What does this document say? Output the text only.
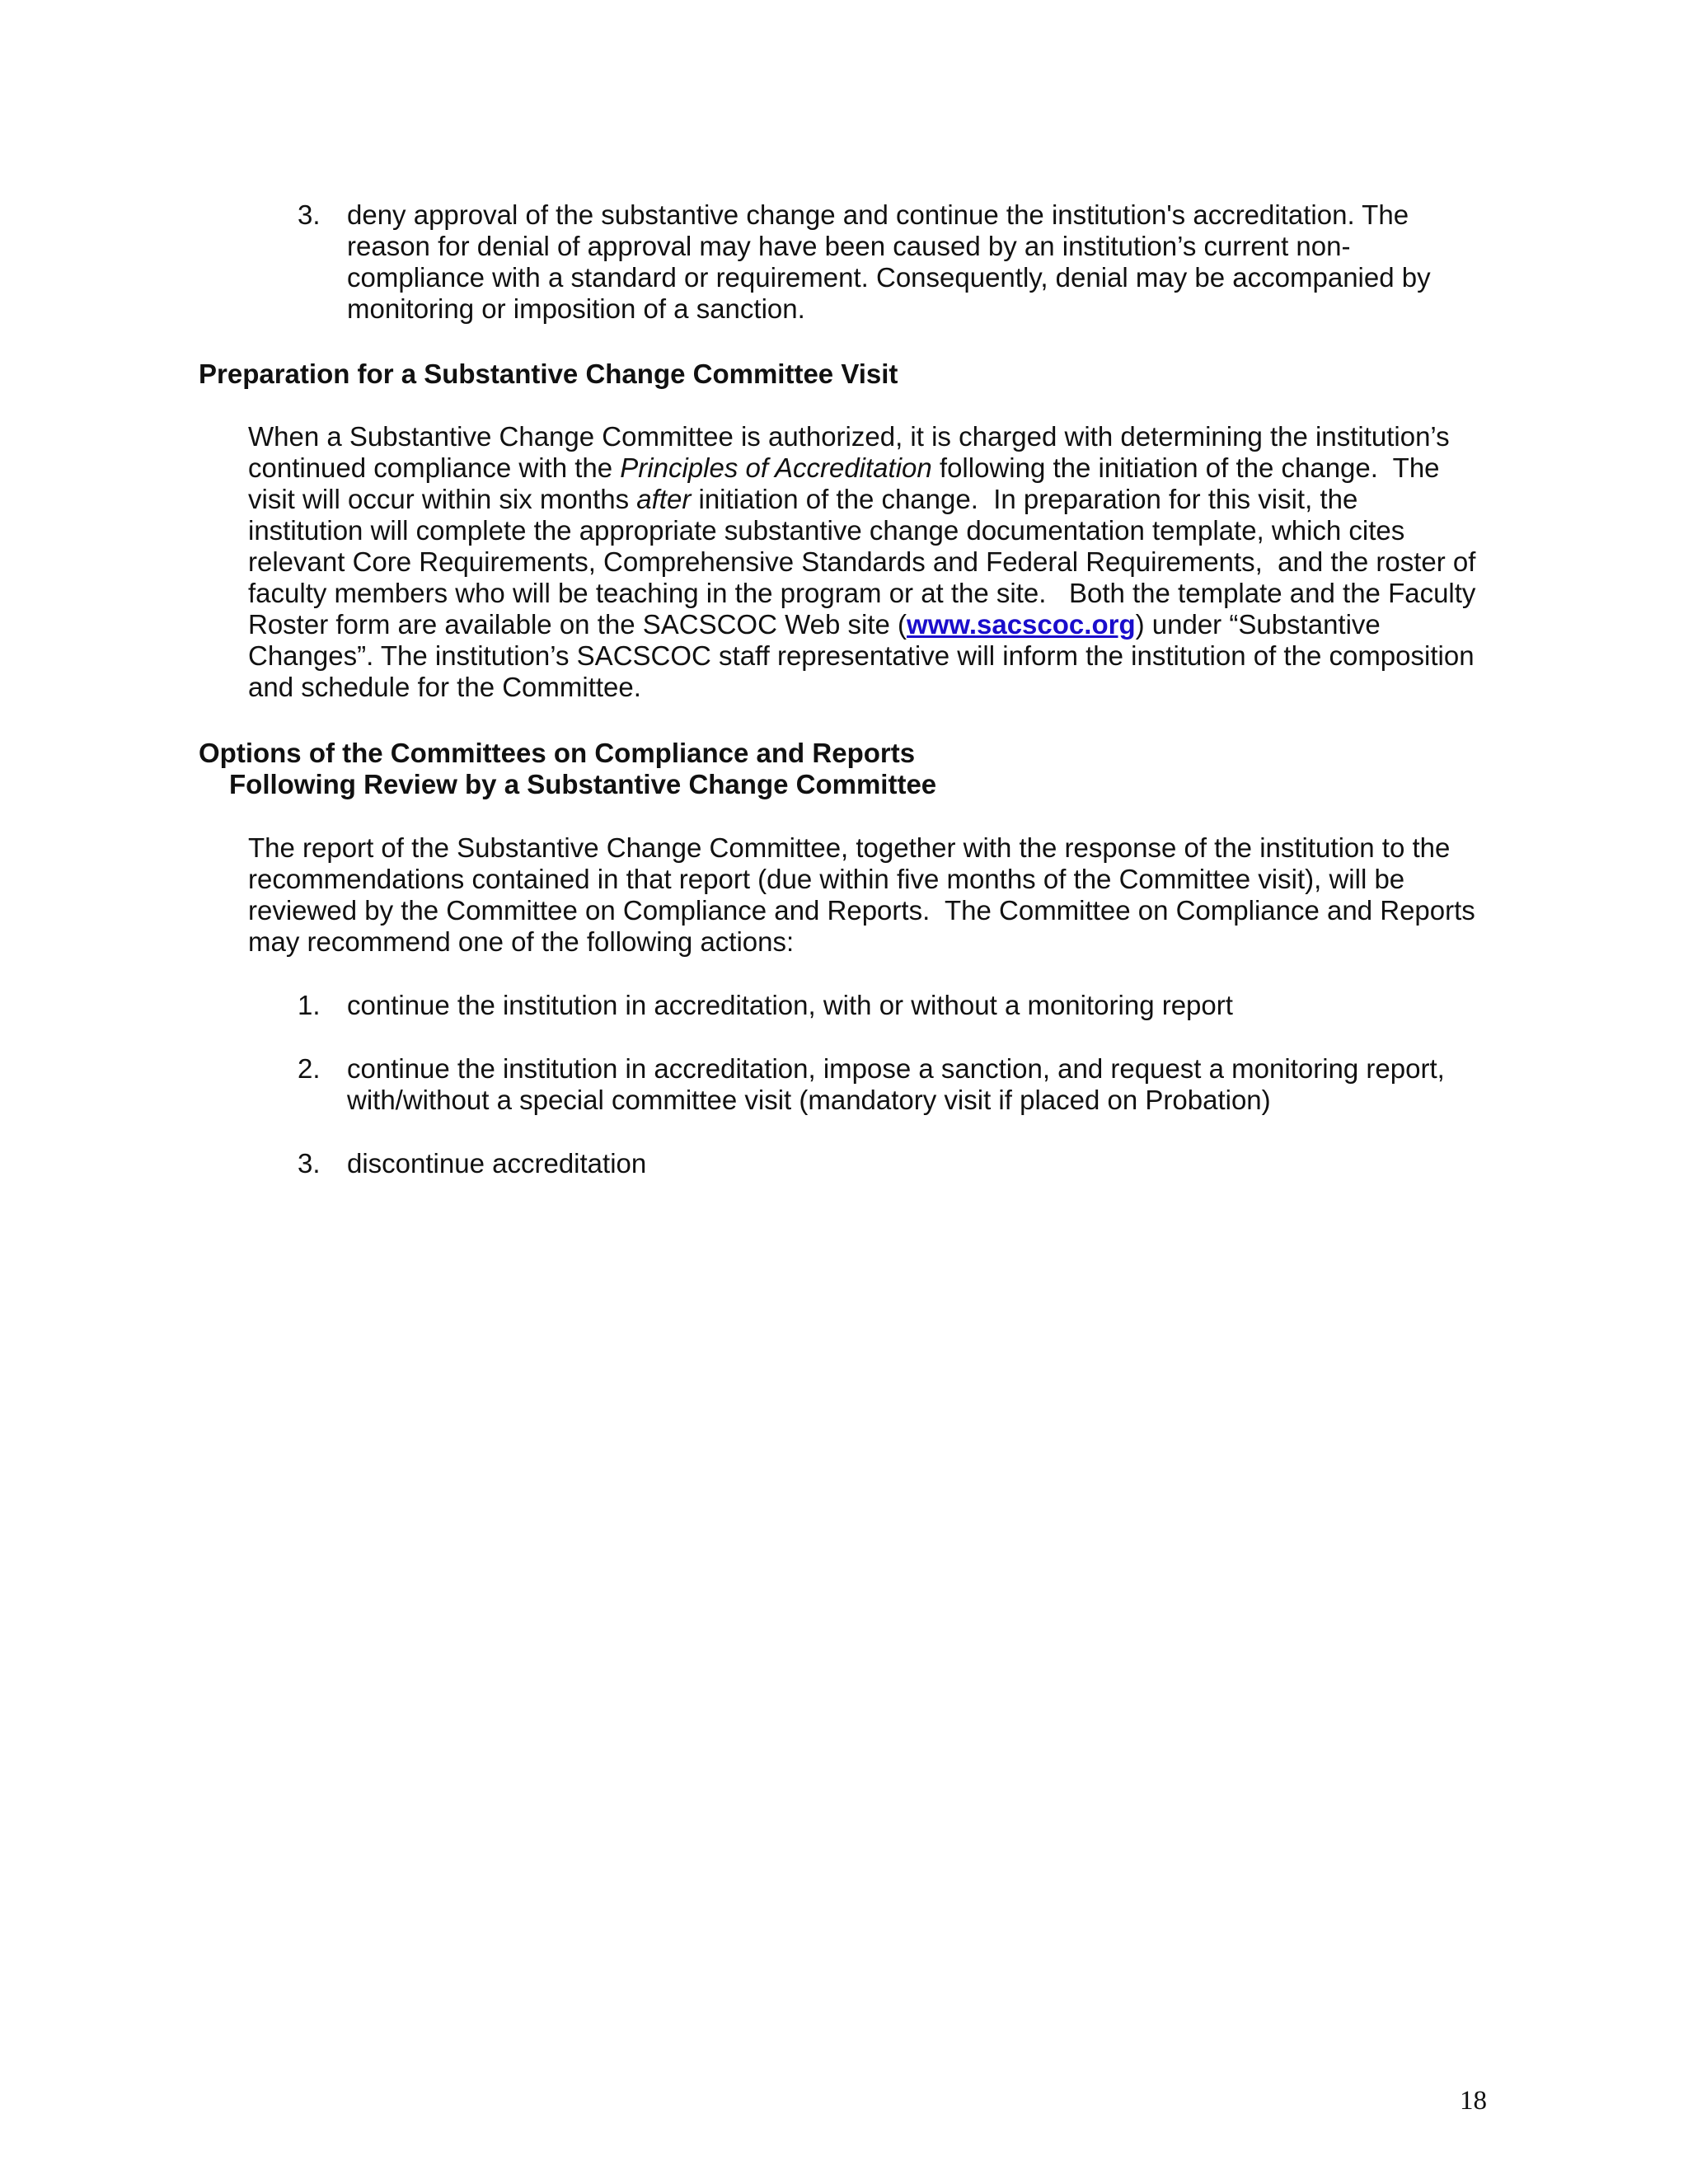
3. deny approval of the substantive change and continue the institution's accreditation. The
reason for denial of approval may have been caused by an institution’s current non-
compliance with a standard or requirement. Consequently, denial may be accompanied by
monitoring or imposition of a sanction.
Preparation for a Substantive Change Committee Visit
When a Substantive Change Committee is authorized, it is charged with determining the institution’s
continued compliance with the Principles of Accreditation following the initiation of the change.  The
visit will occur within six months after initiation of the change.  In preparation for this visit, the
institution will complete the appropriate substantive change documentation template, which cites
relevant Core Requirements, Comprehensive Standards and Federal Requirements,  and the roster of
faculty members who will be teaching in the program or at the site.   Both the template and the Faculty
Roster form are available on the SACSCOC Web site (www.sacscoc.org) under “Substantive
Changes”. The institution’s SACSCOC staff representative will inform the institution of the composition
and schedule for the Committee.
Options of the Committees on Compliance and Reports
Following Review by a Substantive Change Committee
The report of the Substantive Change Committee, together with the response of the institution to the
recommendations contained in that report (due within five months of the Committee visit), will be
reviewed by the Committee on Compliance and Reports.  The Committee on Compliance and Reports
may recommend one of the following actions:
1. continue the institution in accreditation, with or without a monitoring report
2. continue the institution in accreditation, impose a sanction, and request a monitoring report,
with/without a special committee visit (mandatory visit if placed on Probation)
3. discontinue accreditation
18
